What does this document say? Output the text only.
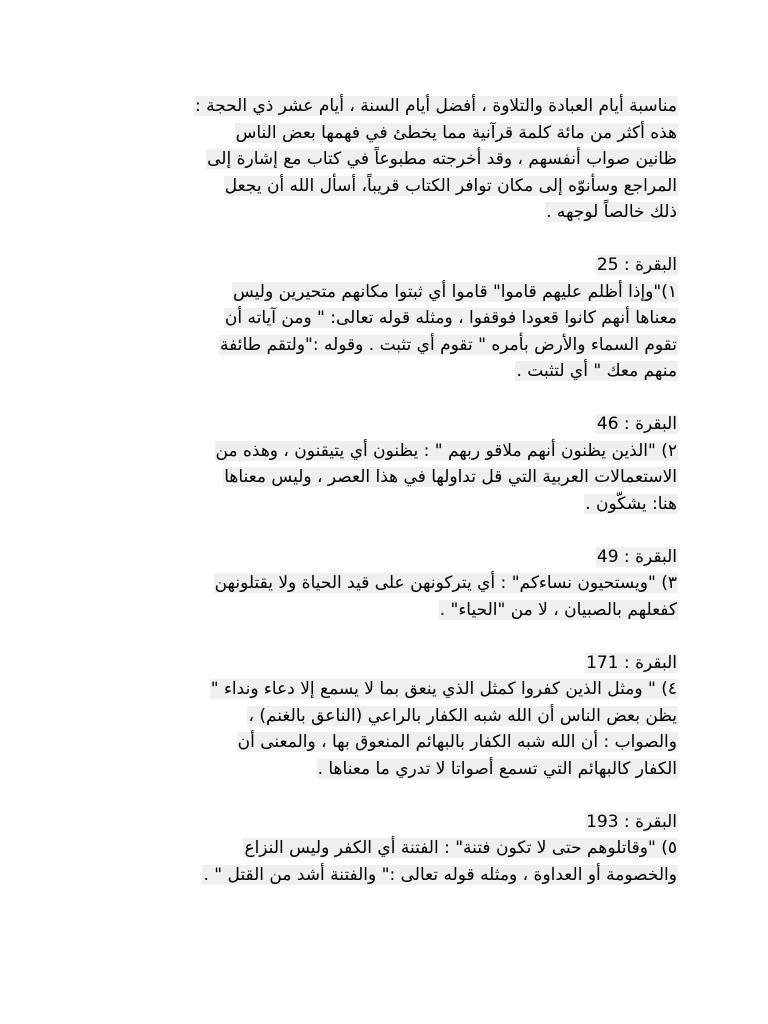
مناسبة أيام العبادة والتلاوة ، أفضل أيام السنة ، أيام عشر ذي الحجة :
هذه أكثر من مائة كلمة قرآنية مما يخطئ في فهمها بعض الناس
ظانين صواب أنفسهم ، وقد أخرجته مطبوعاً في كتاب مع إشارة إلى
المراجع وسأنوّه إلى مكان توافر الكتاب قريباً، أسأل الله أن يجعل
ذلك خالصاً لوجهه .
البقرة : 25
١)"وإذا أظلم عليهم قاموا" قاموا أي ثبتوا مكانهم متحيرين وليس
معناها أنهم كانوا قعودا فوقفوا ، ومثله قوله تعالى: " ومن آياته أن
تقوم السماء والأرض بأمره " تقوم أي تثبت . وقوله :"ولتقم طائفة
منهم معك " أي لتثبت .
البقرة : 46
٢) "الذين يظنون أنهم ملاقو ربهم " : يظنون أي يتيقنون ، وهذه من
الاستعمالات العربية التي قل تداولها في هذا العصر ، وليس معناها
هنا: يشكّون .
البقرة : 49
٣) "ويستحيون نساءكم" : أي يتركونهن على قيد الحياة ولا يقتلونهن
كفعلهم بالصبيان ، لا من "الحياء" .
البقرة : 171
٤) " ومثل الذين كفروا كمثل الذي ينعق بما لا يسمع إلا دعاء ونداء "
يظن بعض الناس أن الله شبه الكفار بالراعي (الناعق بالغنم) ،
والصواب : أن الله شبه الكفار بالبهائم المنعوق بها ، والمعنى أن
الكفار كالبهائم التي تسمع أصواتا لا تدري ما معناها .
البقرة : 193
٥) "وقاتلوهم حتى لا تكون فتنة" : الفتنة أي الكفر وليس النزاع
والخصومة أو العداوة ، ومثله قوله تعالى :" والفتنة أشد من القتل " .
